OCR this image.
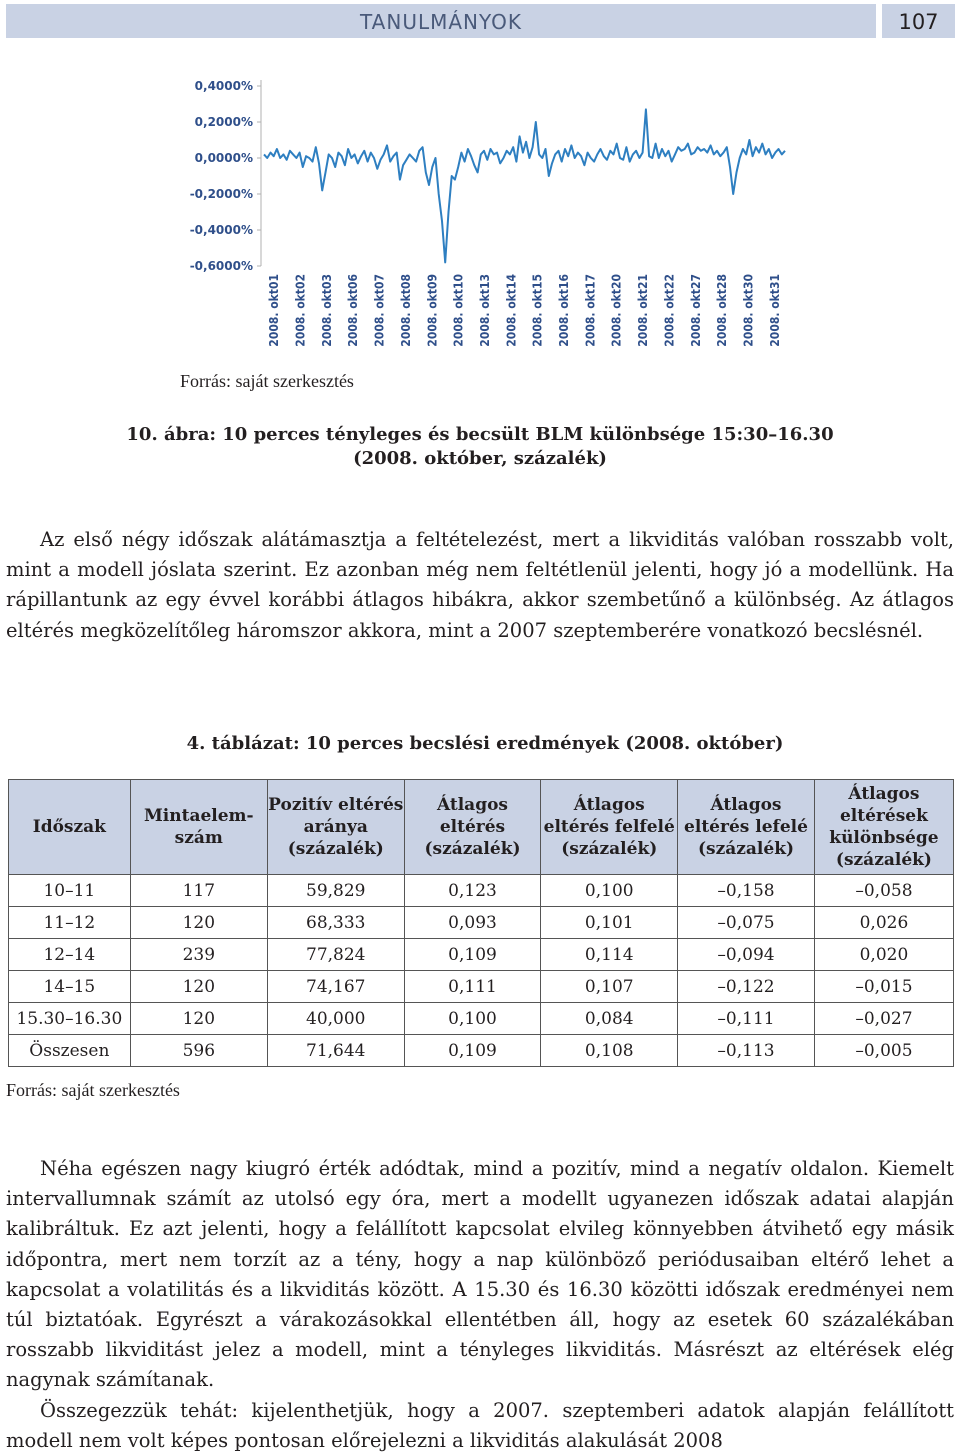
TANULMÁNYOK	107
0,4000%
0,2000%
0,0000%
-0,2000%
-0,4000%
-0,6000%
2008. okt01 2008. okt02 2008. okt03 2008. okt06 2008. okt07 2008. okt08 2008. okt09 2008. okt10 2008. okt13 2008. okt14 2008. okt15 2008. okt16 2008. okt17 2008. okt20 2008. okt21 2008. okt22 2008. okt27 2008. okt28 2008. okt30 2008. okt31
Forrás: saját szerkesztés
10. ábra: 10 perces tényleges és becsült BLM különbsége 15:30–16.30
(2008. október, százalék)

Az első négy időszak alátámasztja a feltételezést, mert a likviditás valóban rosszabb volt, mint a modell jóslata szerint. Ez azonban még nem feltétlenül jelenti, hogy jó a modellünk. Ha rápillantunk az egy évvel korábbi átlagos hibákra, akkor szembetűnő a különbség. Az átlagos eltérés megközelítőleg háromszor akkora, mint a 2007 szeptemberére vonatkozó becslésnél.

4. táblázat: 10 perces becslési eredmények (2008. október)
Időszak	Mintaelem-szám	Pozitív eltérés aránya (százalék)	Átlagos eltérés (százalék)	Átlagos eltérés felfelé (százalék)	Átlagos eltérés lefelé (százalék)	Átlagos eltérések különbsége (százalék)
10–11	117	59,829	0,123	0,100	–0,158	–0,058
11–12	120	68,333	0,093	0,101	–0,075	0,026
12–14	239	77,824	0,109	0,114	–0,094	0,020
14–15	120	74,167	0,111	0,107	–0,122	–0,015
15.30–16.30	120	40,000	0,100	0,084	–0,111	–0,027
Összesen	596	71,644	0,109	0,108	–0,113	–0,005
Forrás: saját szerkesztés

Néha egészen nagy kiugró érték adódtak, mind a pozitív, mind a negatív oldalon. Kiemelt intervallumnak számít az utolsó egy óra, mert a modellt ugyanezen időszak adatai alapján kalibráltuk. Ez azt jelenti, hogy a felállított kapcsolat elvileg könnyebben átvihető egy másik időpontra, mert nem torzít az a tény, hogy a nap különböző periódusaiban eltérő lehet a kapcsolat a volatilitás és a likviditás között. A 15.30 és 16.30 közötti időszak eredményei nem túl biztatóak. Egyrészt a várakozásokkal ellentétben áll, hogy az esetek 60 százalékában rosszabb likviditást jelez a modell, mint a tényleges likviditás. Másrészt az eltérések elég nagynak számítanak.

Összegezzük tehát: kijelenthetjük, hogy a 2007. szeptemberi adatok alapján felállított modell nem volt képes pontosan előrejelezni a likviditás alakulását 2008
